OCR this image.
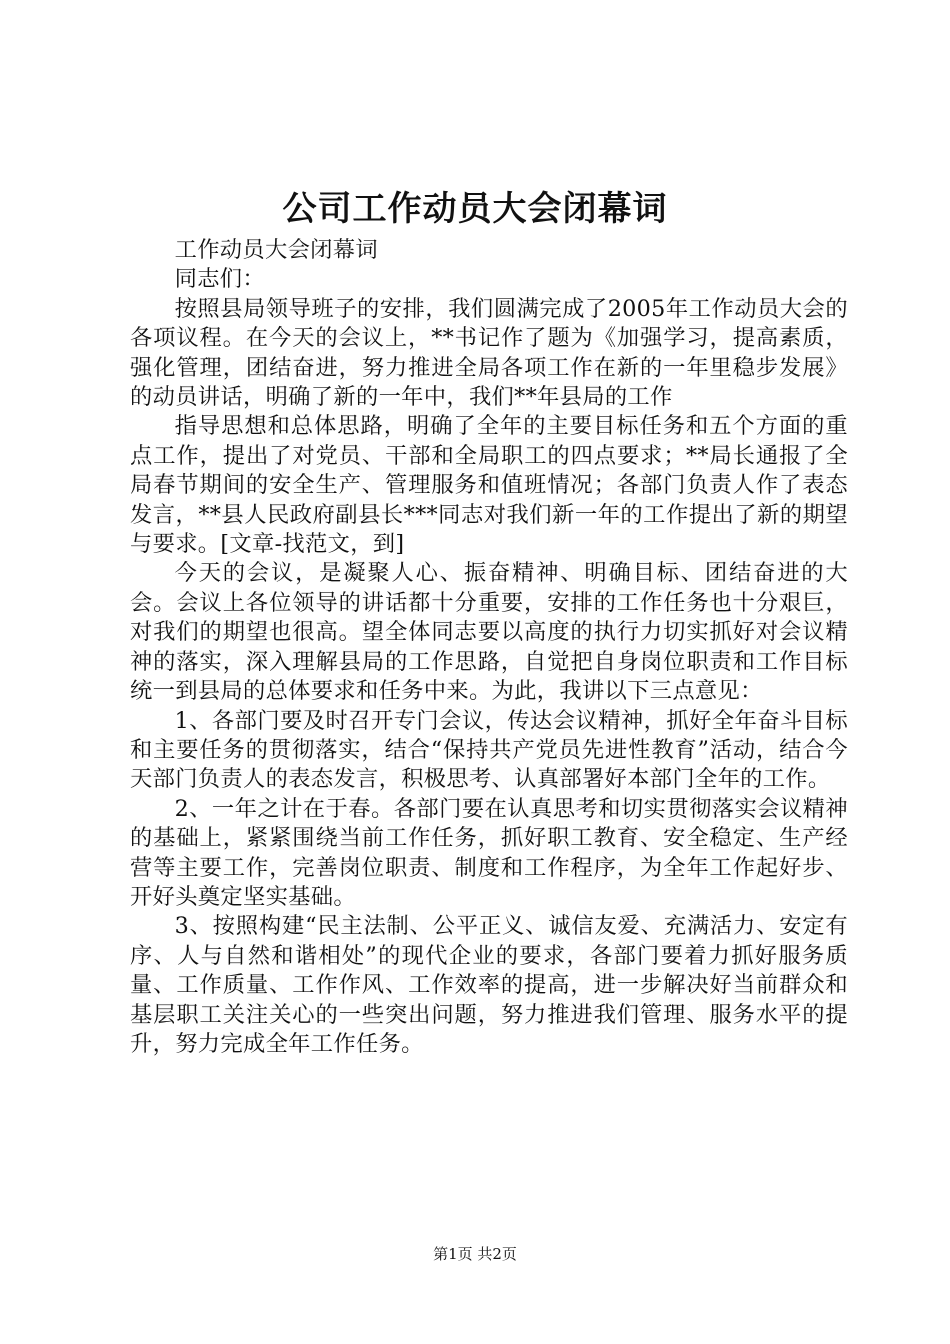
公司工作动员大会闭幕词

工作动员大会闭幕词

同志们：

按照县局领导班子的安排，我们圆满完成了2005年工作动员大会的各项议程。在今天的会议上，**书记作了题为《加强学习，提高素质，强化管理，团结奋进，努力推进全局各项工作在新的一年里稳步发展》的动员讲话，明确了新的一年中，我们**年县局的工作

指导思想和总体思路，明确了全年的主要目标任务和五个方面的重点工作，提出了对党员、干部和全局职工的四点要求；**局长通报了全局春节期间的安全生产、管理服务和值班情况；各部门负责人作了表态发言，**县人民政府副县长***同志对我们新一年的工作提出了新的期望与要求。[文章-找范文，到]

今天的会议，是凝聚人心、振奋精神、明确目标、团结奋进的大会。会议上各位领导的讲话都十分重要，安排的工作任务也十分艰巨，对我们的期望也很高。望全体同志要以高度的执行力切实抓好对会议精神的落实，深入理解县局的工作思路，自觉把自身岗位职责和工作目标统一到县局的总体要求和任务中来。为此，我讲以下三点意见：

1、各部门要及时召开专门会议，传达会议精神，抓好全年奋斗目标和主要任务的贯彻落实，结合“保持共产党员先进性教育”活动，结合今天部门负责人的表态发言，积极思考、认真部署好本部门全年的工作。

2、一年之计在于春。各部门要在认真思考和切实贯彻落实会议精神的基础上，紧紧围绕当前工作任务，抓好职工教育、安全稳定、生产经营等主要工作，完善岗位职责、制度和工作程序，为全年工作起好步、开好头奠定坚实基础。

3、按照构建“民主法制、公平正义、诚信友爱、充满活力、安定有序、人与自然和谐相处”的现代企业的要求，各部门要着力抓好服务质量、工作质量、工作作风、工作效率的提高，进一步解决好当前群众和基层职工关注关心的一些突出问题，努力推进我们管理、服务水平的提升，努力完成全年工作任务。

第1页 共2页
